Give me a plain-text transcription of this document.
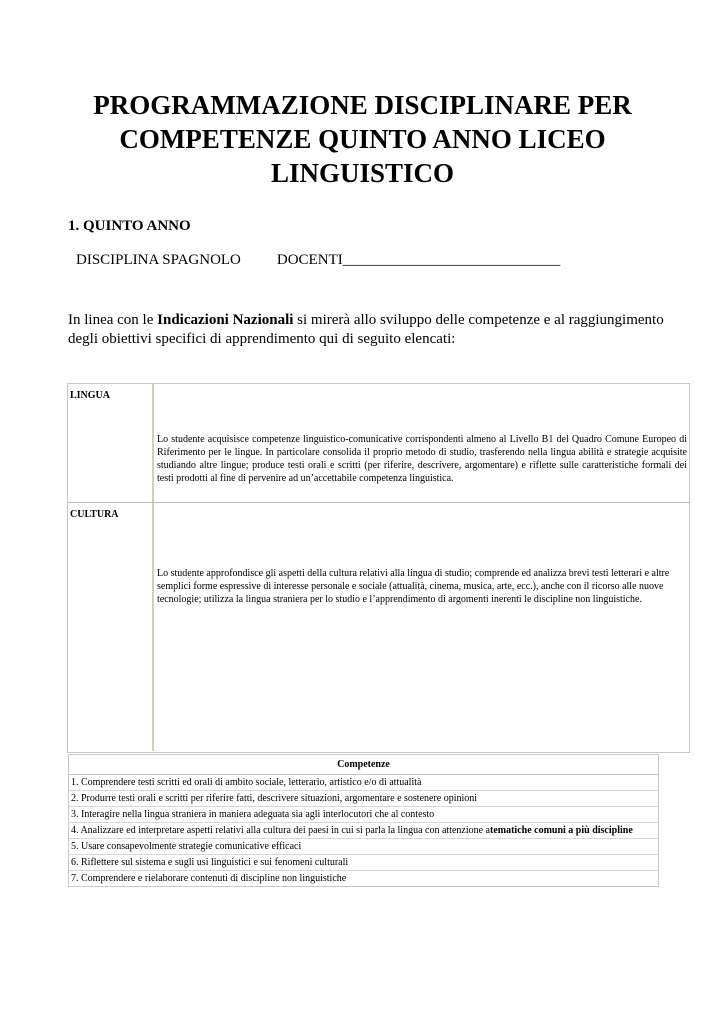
PROGRAMMAZIONE DISCIPLINARE PER COMPETENZE QUINTO ANNO LICEO LINGUISTICO
1. QUINTO ANNO
DISCIPLINA SPAGNOLO DOCENTI_____________________________

In linea con le Indicazioni Nazionali si mirerà allo sviluppo delle competenze e al raggiungimento degli obiettivi specifici di apprendimento qui di seguito elencati:

LINGUA
Lo studente acquisisce competenze linguistico-comunicative corrispondenti almeno al Livello B1 del Quadro Comune Europeo di Riferimento per le lingue. In particolare consolida il proprio metodo di studio, trasferendo nella lingua abilità e strategie acquisite studiando altre lingue; produce testi orali e scritti (per riferire, descrivere, argomentare) e riflette sulle caratteristiche formali dei testi prodotti al fine di pervenire ad un’accettabile competenza linguistica.
CULTURA
Lo studente approfondisce gli aspetti della cultura relativi alla lingua di studio; comprende ed analizza brevi testi letterari e altre semplici forme espressive di interesse personale e sociale (attualità, cinema, musica, arte, ecc.), anche con il ricorso alle nuove tecnologie; utilizza la lingua straniera per lo studio e l’apprendimento di argomenti inerenti le discipline non linguistiche.
Competenze
1. Comprendere testi scritti ed orali di ambito sociale, letterario, artistico e/o di attualità
2. Produrre testi orali e scritti per riferire fatti, descrivere situazioni, argomentare e sostenere opinioni
3. Interagire nella lingua straniera in maniera adeguata sia agli interlocutori che al contesto
4. Analizzare ed interpretare aspetti relativi alla cultura dei paesi in cui si parla la lingua con attenzione atematiche comuni a più discipline
5. Usare consapevolmente strategie comunicative efficaci
6. Riflettere sul sistema e sugli usi linguistici e sui fenomeni culturali
7. Comprendere e rielaborare contenuti di discipline non linguistiche
